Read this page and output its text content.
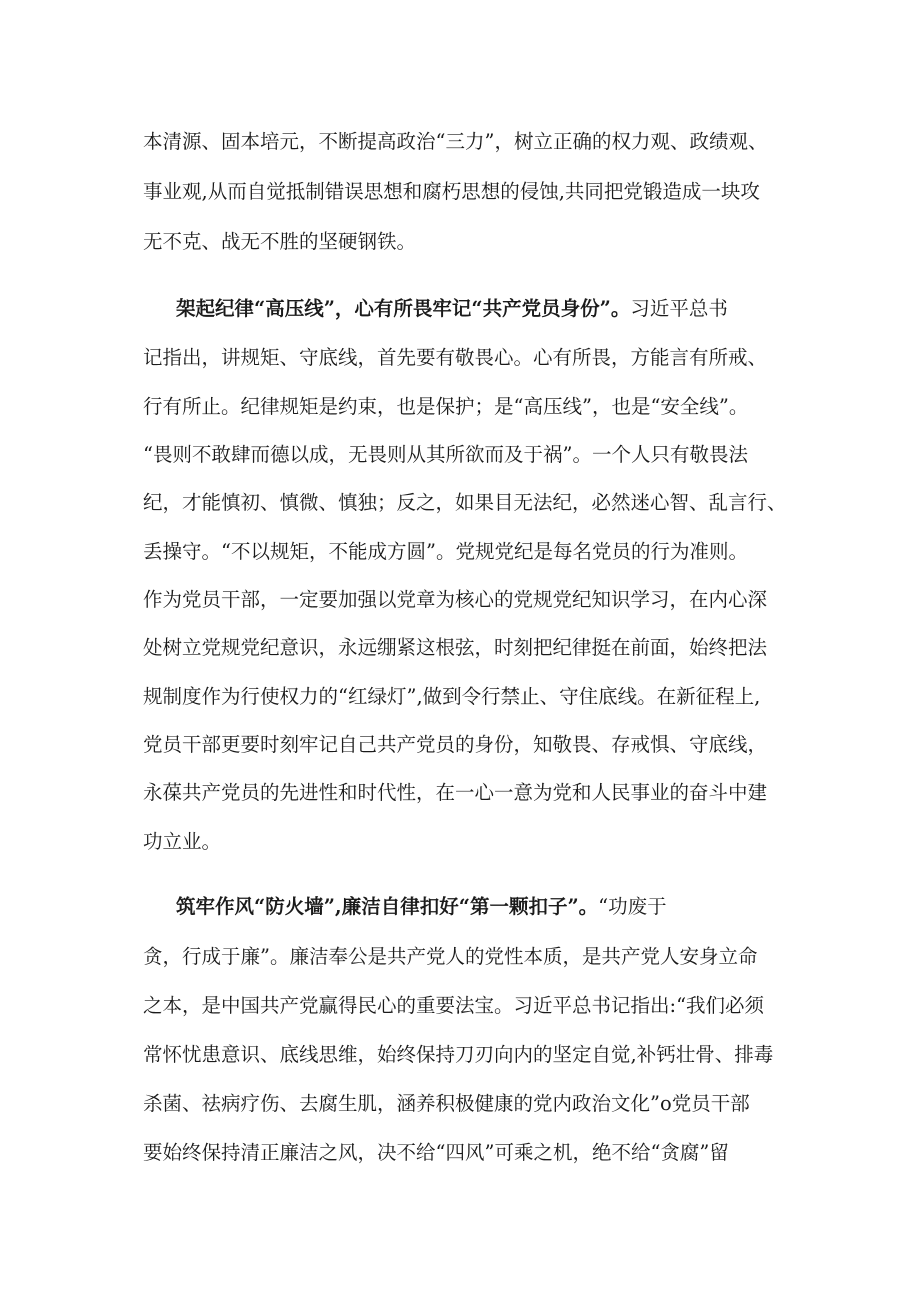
本清源、固本培元，不断提高政治“三力”，树立正确的权力观、政绩观、
事业观,从而自觉抵制错误思想和腐朽思想的侵蚀,共同把党锻造成一块攻
无不克、战无不胜的坚硬钢铁。
架起纪律“高压线”，心有所畏牢记“共产党员身份”。习近平总书
记指出，讲规矩、守底线，首先要有敬畏心。心有所畏，方能言有所戒、
行有所止。纪律规矩是约束，也是保护；是“高压线”，也是“安全线”。
“畏则不敢肆而德以成，无畏则从其所欲而及于祸”。一个人只有敬畏法
纪，才能慎初、慎微、慎独；反之，如果目无法纪，必然迷心智、乱言行、
丢操守。“不以规矩，不能成方圆”。党规党纪是每名党员的行为准则。
作为党员干部，一定要加强以党章为核心的党规党纪知识学习，在内心深
处树立党规党纪意识，永远绷紧这根弦，时刻把纪律挺在前面，始终把法
规制度作为行使权力的“红绿灯”,做到令行禁止、守住底线。在新征程上,
党员干部更要时刻牢记自己共产党员的身份，知敬畏、存戒惧、守底线，
永葆共产党员的先进性和时代性，在一心一意为党和人民事业的奋斗中建
功立业。
筑牢作风“防火墙”,廉洁自律扣好“第一颗扣子”。“功废于
贪，行成于廉”。廉洁奉公是共产党人的党性本质，是共产党人安身立命
之本，是中国共产党赢得民心的重要法宝。习近平总书记指出:“我们必须
常怀忧患意识、底线思维，始终保持刀刃向内的坚定自觉,补钙壮骨、排毒
杀菌、祛病疗伤、去腐生肌，涵养积极健康的党内政治文化”o党员干部
要始终保持清正廉洁之风，决不给“四风”可乘之机，绝不给“贪腐”留
